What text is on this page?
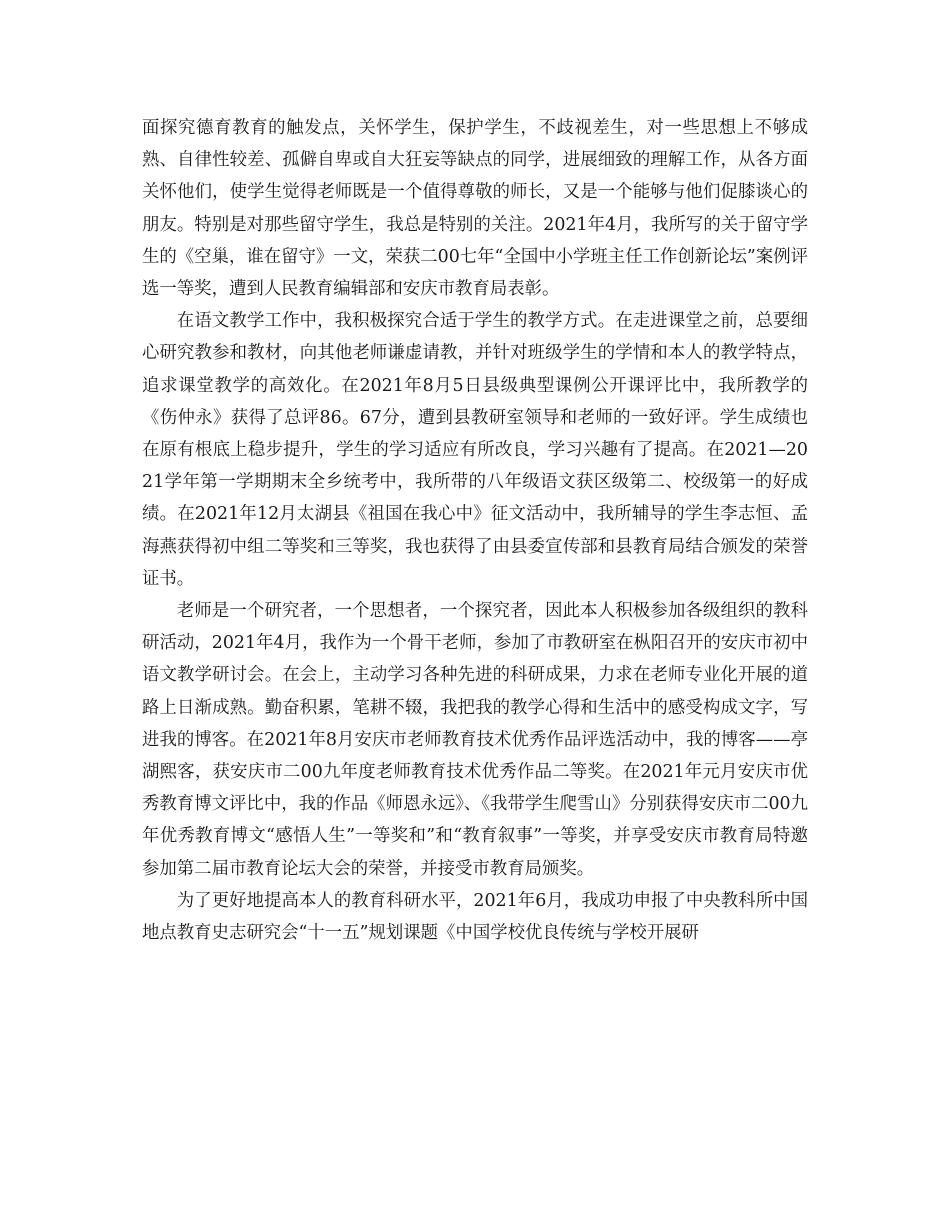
面探究德育教育的触发点，关怀学生，保护学生，不歧视差生，对一些思想上不够成熟、自律性较差、孤僻自卑或自大狂妄等缺点的同学，进展细致的理解工作，从各方面关怀他们，使学生觉得老师既是一个值得尊敬的师长，又是一个能够与他们促膝谈心的朋友。特别是对那些留守学生，我总是特别的关注。2021年4月，我所写的关于留守学生的《空巢，谁在留守》一文，荣获二00七年“全国中小学班主任工作创新论坛”案例评选一等奖，遭到人民教育编辑部和安庆市教育局表彰。

在语文教学工作中，我积极探究合适于学生的教学方式。在走进课堂之前，总要细心研究教参和教材，向其他老师谦虚请教，并针对班级学生的学情和本人的教学特点，追求课堂教学的高效化。在2021年8月5日县级典型课例公开课评比中，我所教学的《伤仲永》获得了总评86。67分，遭到县教研室领导和老师的一致好评。学生成绩也在原有根底上稳步提升，学生的学习适应有所改良，学习兴趣有了提高。在2021—2021学年第一学期期末全乡统考中，我所带的八年级语文获区级第二、校级第一的好成绩。在2021年12月太湖县《祖国在我心中》征文活动中，我所辅导的学生李志恒、孟海燕获得初中组二等奖和三等奖，我也获得了由县委宣传部和县教育局结合颁发的荣誉证书。

老师是一个研究者，一个思想者，一个探究者，因此本人积极参加各级组织的教科研活动，2021年4月，我作为一个骨干老师，参加了市教研室在枞阳召开的安庆市初中语文教学研讨会。在会上，主动学习各种先进的科研成果，力求在老师专业化开展的道路上日渐成熟。勤奋积累，笔耕不辍，我把我的教学心得和生活中的感受构成文字，写进我的博客。在2021年8月安庆市老师教育技术优秀作品评选活动中，我的博客——亭湖熙客，获安庆市二00九年度老师教育技术优秀作品二等奖。在2021年元月安庆市优秀教育博文评比中，我的作品《师恩永远》、《我带学生爬雪山》分别获得安庆市二00九年优秀教育博文“感悟人生”一等奖和”和“教育叙事”一等奖，并享受安庆市教育局特邀参加第二届市教育论坛大会的荣誉，并接受市教育局颁奖。

为了更好地提高本人的教育科研水平，2021年6月，我成功申报了中央教科所中国地点教育史志研究会“十一五”规划课题《中国学校优良传统与学校开展研
